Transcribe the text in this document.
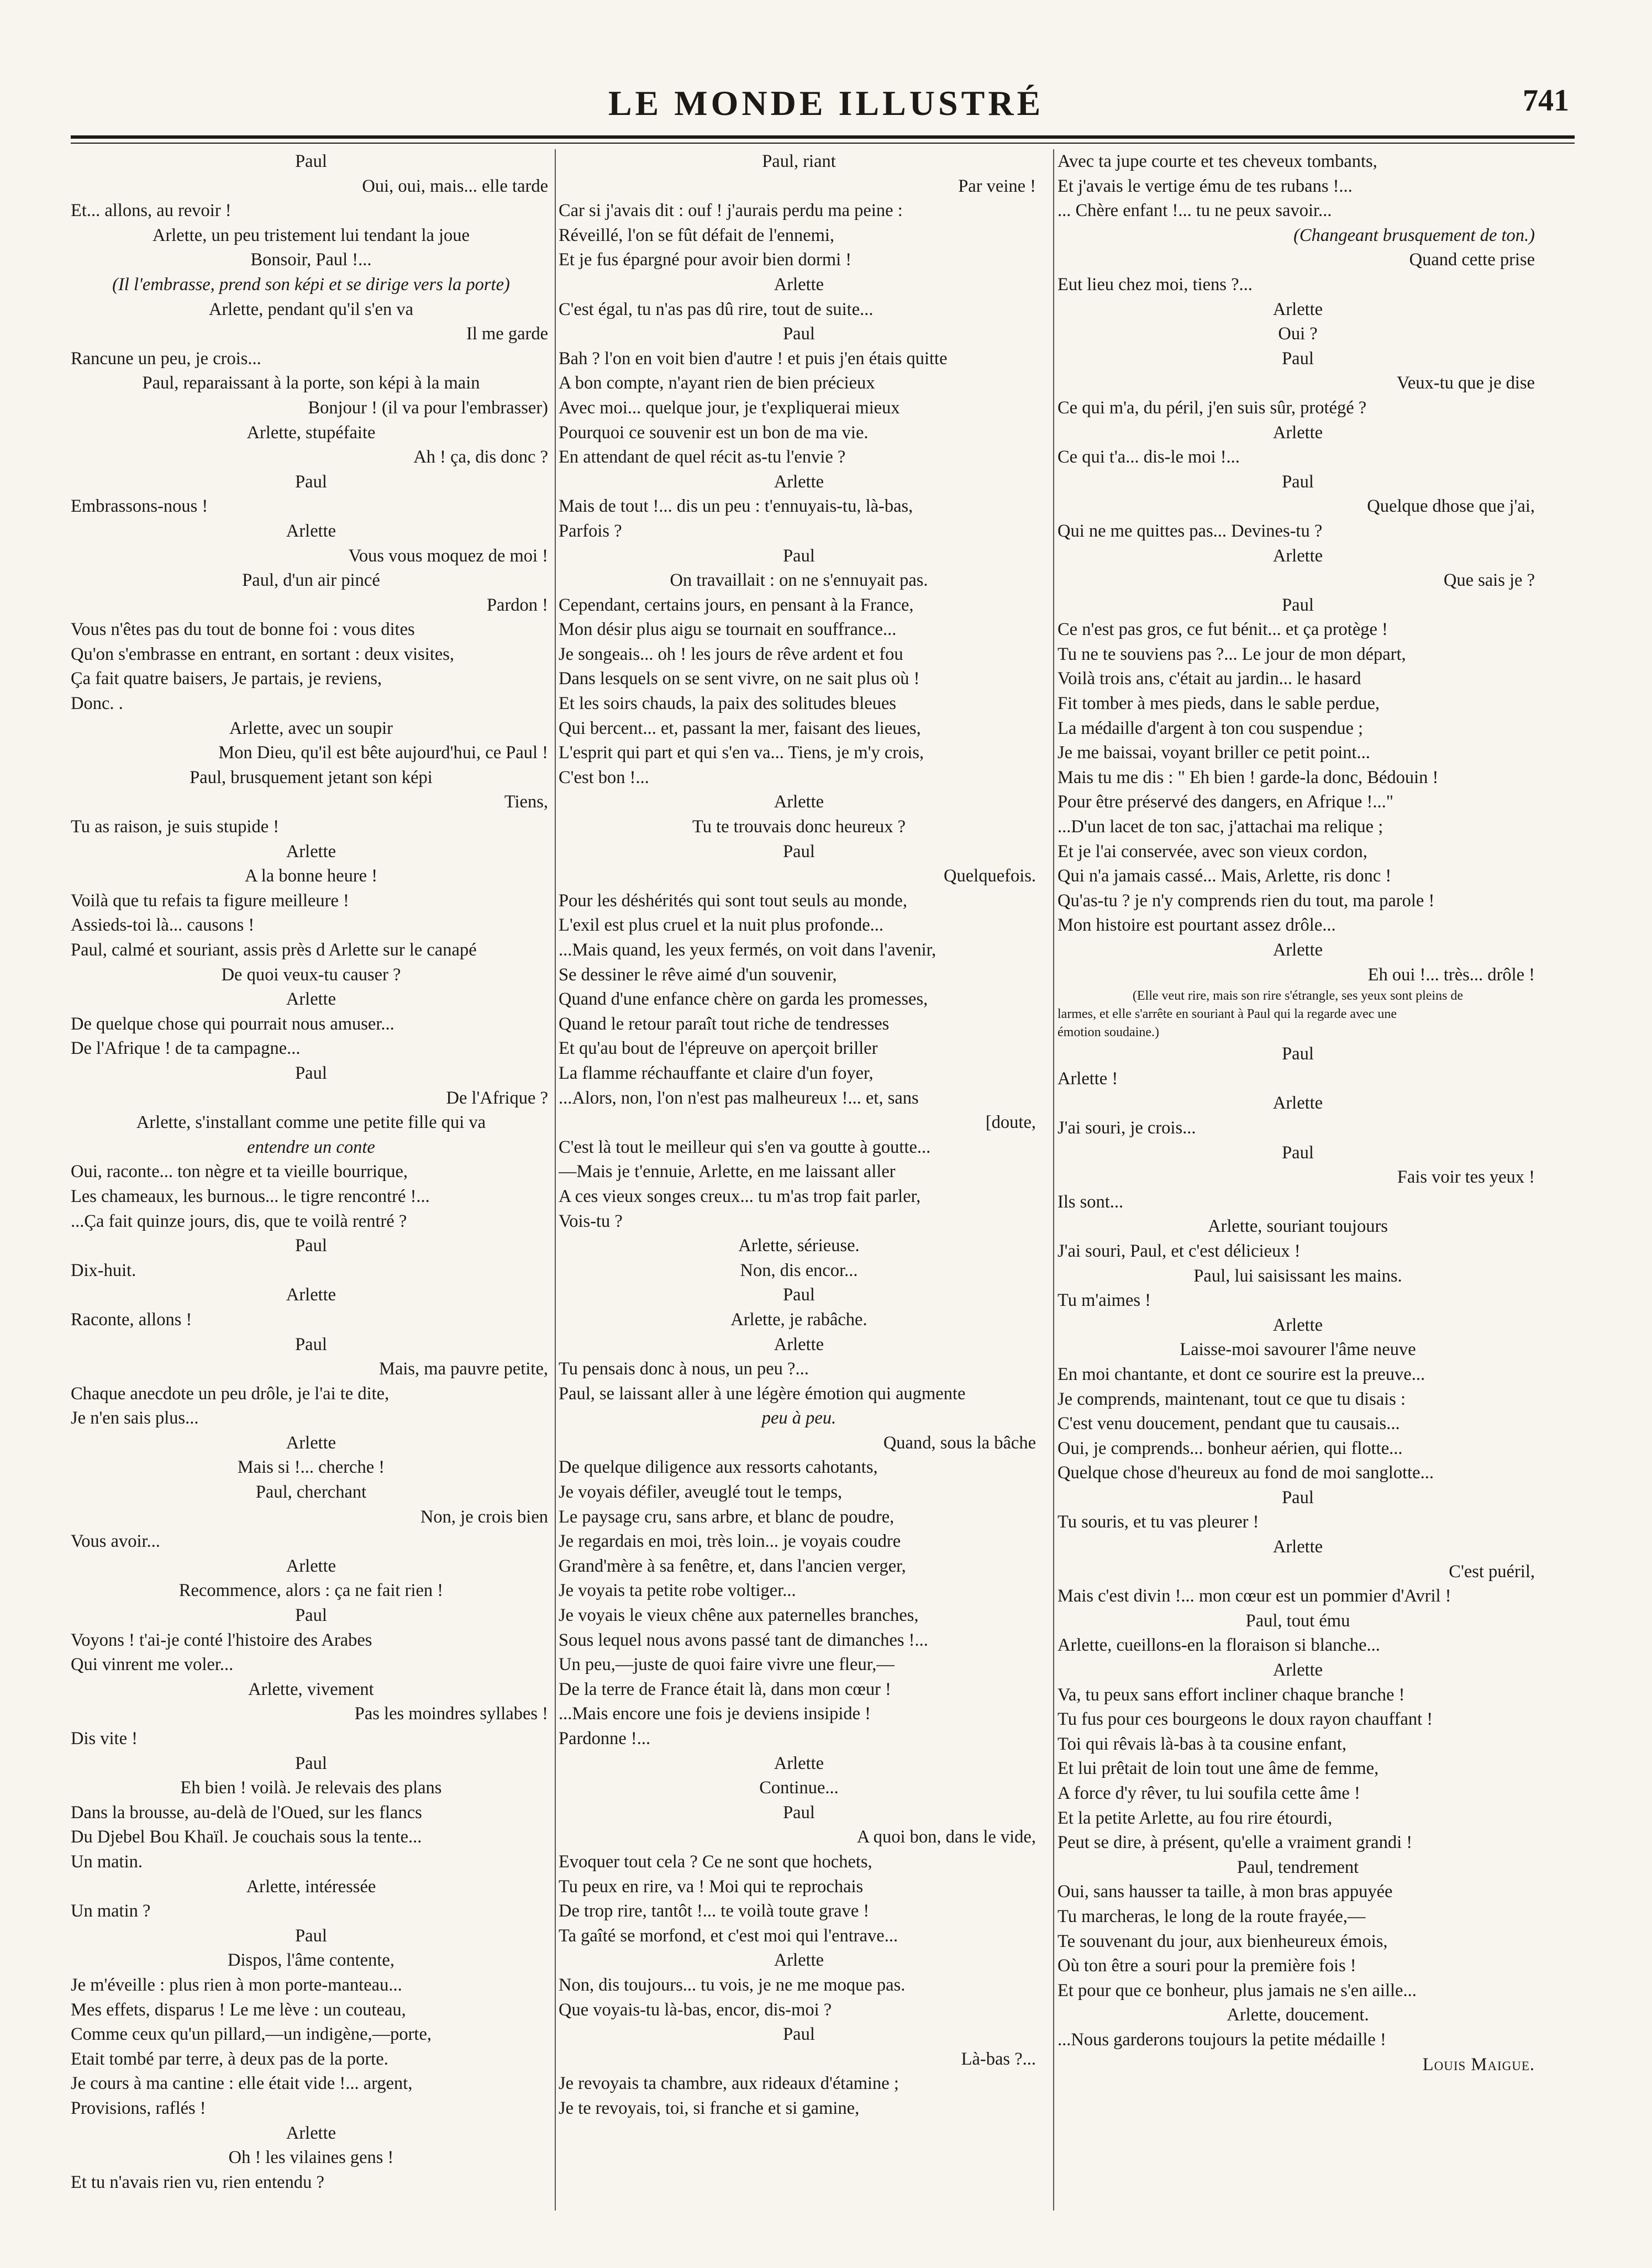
LE MONDE ILLUSTRÉ	741
Paul
Oui, oui, mais... elle tarde
Et... allons, au revoir !
Arlette, un peu tristement lui tendant la joue
Bonsoir, Paul !...
(Il l'embrasse, prend son képi et se dirige vers la porte)
Arlette, pendant qu'il s'en va
Il me garde
Rancune un peu, je crois...
Paul, reparaissant à la porte, son képi à la main
Bonjour ! (il va pour l'embrasser)
Arlette, stupéfaite
Ah ! ça, dis donc ?
Paul
Embrassons-nous !
Arlette
Vous vous moquez de moi !
Paul, d'un air pincé
Pardon !
Vous n'êtes pas du tout de bonne foi : vous dites
Qu'on s'embrasse en entrant, en sortant : deux visites,
Ça fait quatre baisers, Je partais, je reviens,
Donc. .
Arlette, avec un soupir
Mon Dieu, qu'il est bête aujourd'hui, ce Paul !
Paul, brusquement jetant son képi
Tiens,
Tu as raison, je suis stupide !
Arlette
A la bonne heure !
Voilà que tu refais ta figure meilleure !
Assieds-toi là... causons !
Paul, calmé et souriant, assis près d Arlette sur le canapé
De quoi veux-tu causer ?
Arlette
De quelque chose qui pourrait nous amuser...
De l'Afrique ! de ta campagne...
Paul
De l'Afrique ?
Arlette, s'installant comme une petite fille qui va
entendre un conte
Oui, raconte... ton nègre et ta vieille bourrique,
Les chameaux, les burnous... le tigre rencontré !...
...Ça fait quinze jours, dis, que te voilà rentré ?
Paul
Dix-huit.
Arlette
Raconte, allons !
Paul
Mais, ma pauvre petite,
Chaque anecdote un peu drôle, je l'ai te dite,
Je n'en sais plus...
Arlette
Mais si !... cherche !
Paul, cherchant
Non, je crois bien
Vous avoir...
Arlette
Recommence, alors : ça ne fait rien !
Paul
Voyons ! t'ai-je conté l'histoire des Arabes
Qui vinrent me voler...
Arlette, vivement
Pas les moindres syllabes !
Dis vite !
Paul
Eh bien ! voilà. Je relevais des plans
Dans la brousse, au-delà de l'Oued, sur les flancs
Du Djebel Bou Khaïl. Je couchais sous la tente...
Un matin.
Arlette, intéressée
Un matin ?
Paul
Dispos, l'âme contente,
Je m'éveille : plus rien à mon porte-manteau...
Mes effets, disparus ! Le me lève : un couteau,
Comme ceux qu'un pillard,—un indigène,—porte,
Etait tombé par terre, à deux pas de la porte.
Je cours à ma cantine : elle était vide !... argent,
Provisions, raflés !
Arlette
Oh ! les vilaines gens !
Et tu n'avais rien vu, rien entendu ?
Paul, riant
Par veine !
Car si j'avais dit : ouf ! j'aurais perdu ma peine :
Réveillé, l'on se fût défait de l'ennemi,
Et je fus épargné pour avoir bien dormi !
Arlette
C'est égal, tu n'as pas dû rire, tout de suite...
Paul
Bah ? l'on en voit bien d'autre ! et puis j'en étais quitte
A bon compte, n'ayant rien de bien précieux
Avec moi... quelque jour, je t'expliquerai mieux
Pourquoi ce souvenir est un bon de ma vie.
En attendant de quel récit as-tu l'envie ?
Arlette
Mais de tout !... dis un peu : t'ennuyais-tu, là-bas,
Parfois ?
Paul
On travaillait : on ne s'ennuyait pas.
Cependant, certains jours, en pensant à la France,
Mon désir plus aigu se tournait en souffrance...
Je songeais... oh ! les jours de rêve ardent et fou
Dans lesquels on se sent vivre, on ne sait plus où !
Et les soirs chauds, la paix des solitudes bleues
Qui bercent... et, passant la mer, faisant des lieues,
L'esprit qui part et qui s'en va... Tiens, je m'y crois,
C'est bon !...
Arlette
Tu te trouvais donc heureux ?
Paul
Quelquefois.
Pour les déshérités qui sont tout seuls au monde,
L'exil est plus cruel et la nuit plus profonde...
...Mais quand, les yeux fermés, on voit dans l'avenir,
Se dessiner le rêve aimé d'un souvenir,
Quand d'une enfance chère on garda les promesses,
Quand le retour paraît tout riche de tendresses
Et qu'au bout de l'épreuve on aperçoit briller
La flamme réchauffante et claire d'un foyer,
...Alors, non, l'on n'est pas malheureux !... et, sans
[doute,
C'est là tout le meilleur qui s'en va goutte à goutte...
—Mais je t'ennuie, Arlette, en me laissant aller
A ces vieux songes creux... tu m'as trop fait parler,
Vois-tu ?
Arlette, sérieuse.
Non, dis encor...
Paul
Arlette, je rabâche.
Arlette
Tu pensais donc à nous, un peu ?...
Paul, se laissant aller à une légère émotion qui augmente
peu à peu.
Quand, sous la bâche
De quelque diligence aux ressorts cahotants,
Je voyais défiler, aveuglé tout le temps,
Le paysage cru, sans arbre, et blanc de poudre,
Je regardais en moi, très loin... je voyais coudre
Grand'mère à sa fenêtre, et, dans l'ancien verger,
Je voyais ta petite robe voltiger...
Je voyais le vieux chêne aux paternelles branches,
Sous lequel nous avons passé tant de dimanches !...
Un peu,—juste de quoi faire vivre une fleur,—
De la terre de France était là, dans mon cœur !
...Mais encore une fois je deviens insipide !
Pardonne !...
Arlette
Continue...
Paul
A quoi bon, dans le vide,
Evoquer tout cela ? Ce ne sont que hochets,
Tu peux en rire, va ! Moi qui te reprochais
De trop rire, tantôt !... te voilà toute grave !
Ta gaîté se morfond, et c'est moi qui l'entrave...
Arlette
Non, dis toujours... tu vois, je ne me moque pas.
Que voyais-tu là-bas, encor, dis-moi ?
Paul
Là-bas ?...
Je revoyais ta chambre, aux rideaux d'étamine ;
Je te revoyais, toi, si franche et si gamine,
Avec ta jupe courte et tes cheveux tombants,
Et j'avais le vertige ému de tes rubans !...
... Chère enfant !... tu ne peux savoir...
(Changeant brusquement de ton.)
Quand cette prise
Eut lieu chez moi, tiens ?...
Arlette
Oui ?
Paul
Veux-tu que je dise
Ce qui m'a, du péril, j'en suis sûr, protégé ?
Arlette
Ce qui t'a... dis-le moi !...
Paul
Quelque dhose que j'ai,
Qui ne me quittes pas... Devines-tu ?
Arlette
Que sais je ?
Paul
Ce n'est pas gros, ce fut bénit... et ça protège !
Tu ne te souviens pas ?... Le jour de mon départ,
Voilà trois ans, c'était au jardin... le hasard
Fit tomber à mes pieds, dans le sable perdue,
La médaille d'argent à ton cou suspendue ;
Je me baissai, voyant briller ce petit point...
Mais tu me dis : " Eh bien ! garde-la donc, Bédouin !
Pour être préservé des dangers, en Afrique !..."
...D'un lacet de ton sac, j'attachai ma relique ;
Et je l'ai conservée, avec son vieux cordon,
Qui n'a jamais cassé... Mais, Arlette, ris donc !
Qu'as-tu ? je n'y comprends rien du tout, ma parole !
Mon histoire est pourtant assez drôle...
Arlette
Eh oui !... très... drôle !
(Elle veut rire, mais son rire s'étrangle, ses yeux sont pleins de
larmes, et elle s'arrête en souriant à Paul qui la regarde avec une
émotion soudaine.)
Paul
Arlette !
Arlette
J'ai souri, je crois...
Paul
Fais voir tes yeux !
Ils sont...
Arlette, souriant toujours
J'ai souri, Paul, et c'est délicieux !
Paul, lui saisissant les mains.
Tu m'aimes !
Arlette
Laisse-moi savourer l'âme neuve
En moi chantante, et dont ce sourire est la preuve...
Je comprends, maintenant, tout ce que tu disais :
C'est venu doucement, pendant que tu causais...
Oui, je comprends... bonheur aérien, qui flotte...
Quelque chose d'heureux au fond de moi sanglotte...
Paul
Tu souris, et tu vas pleurer !
Arlette
C'est puéril,
Mais c'est divin !... mon cœur est un pommier d'Avril !
Paul, tout ému
Arlette, cueillons-en la floraison si blanche...
Arlette
Va, tu peux sans effort incliner chaque branche !
Tu fus pour ces bourgeons le doux rayon chauffant !
Toi qui rêvais là-bas à ta cousine enfant,
Et lui prêtait de loin tout une âme de femme,
A force d'y rêver, tu lui soufila cette âme !
Et la petite Arlette, au fou rire étourdi,
Peut se dire, à présent, qu'elle a vraiment grandi !
Paul, tendrement
Oui, sans hausser ta taille, à mon bras appuyée
Tu marcheras, le long de la route frayée,—
Te souvenant du jour, aux bienheureux émois,
Où ton être a souri pour la première fois !
Et pour que ce bonheur, plus jamais ne s'en aille...
Arlette, doucement.
...Nous garderons toujours la petite médaille !
Louis Maigue.
